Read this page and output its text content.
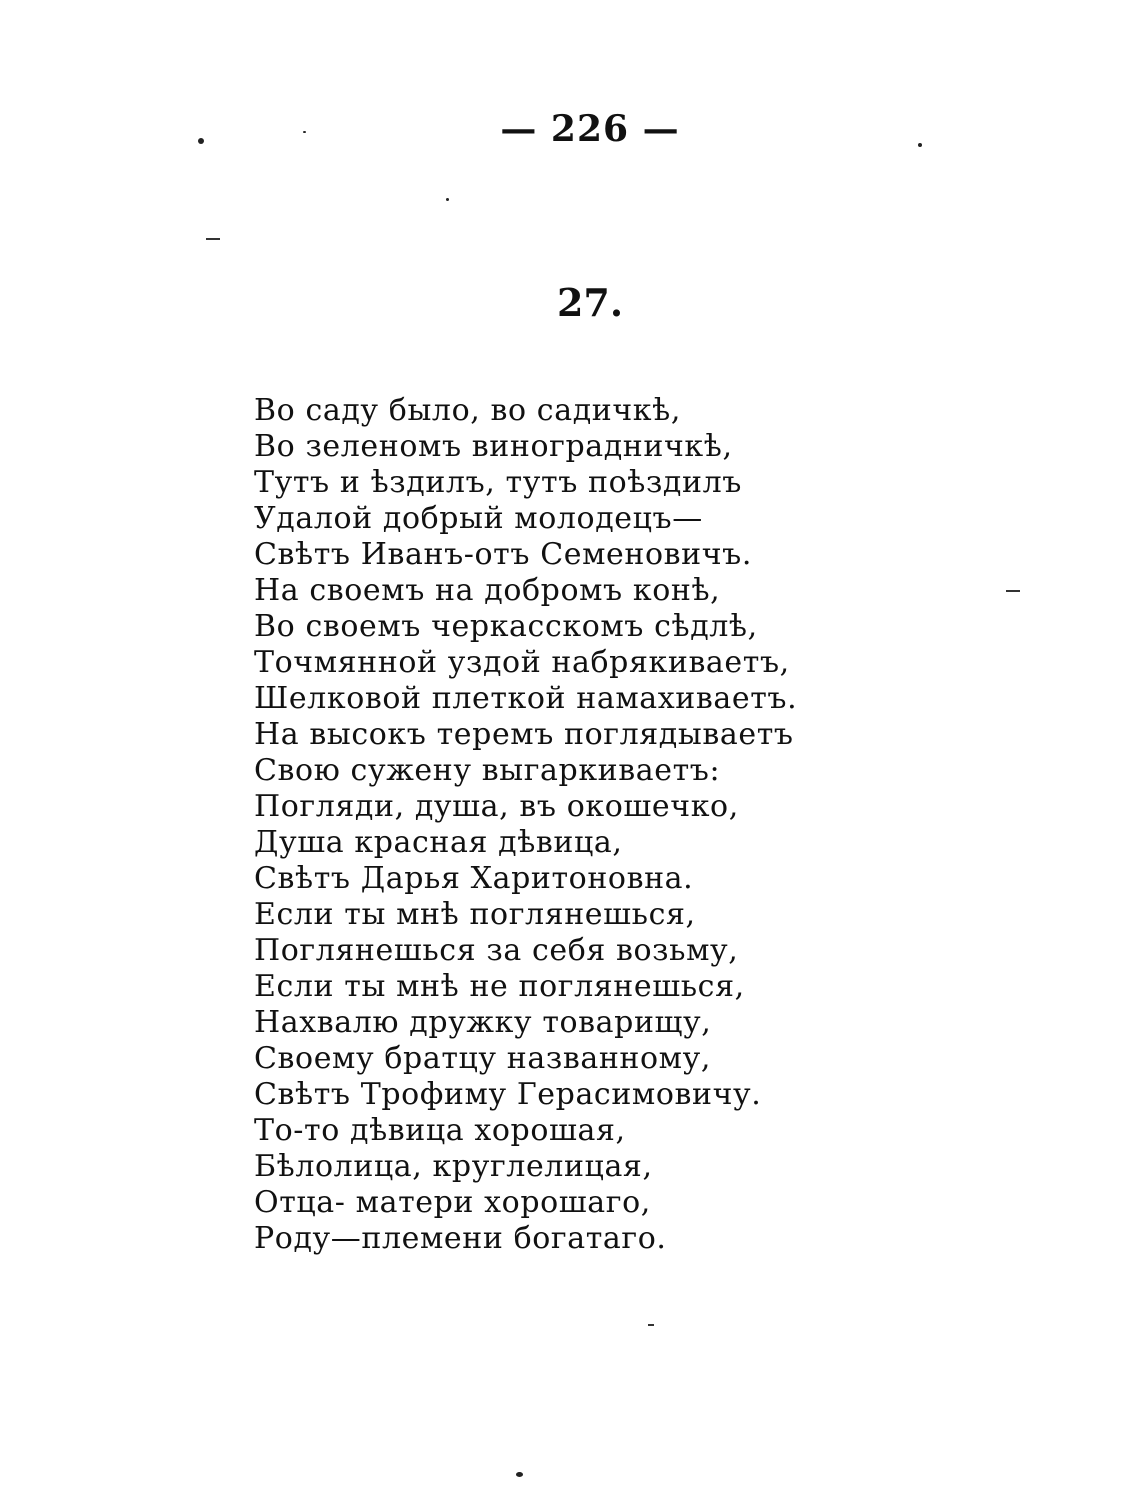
— 226 —
27.
Во саду было, во садичкѣ,
Во зеленомъ виноградничкѣ,
Тутъ и ѣздилъ, тутъ поѣздилъ
Удалой добрый молодецъ—
Свѣтъ Иванъ-отъ Семеновичъ.
На своемъ на добромъ конѣ,
Во своемъ черкасскомъ сѣдлѣ,
Точмянной уздой набрякиваетъ,
Шелковой плеткой намахиваетъ.
На высокъ теремъ поглядываетъ
Свою сужену выгаркиваетъ:
Погляди, душа, въ окошечко,
Душа красная дѣвица,
Свѣтъ Дарья Харитоновна.
Если ты мнѣ поглянешься,
Поглянешься за себя возьму,
Если ты мнѣ не поглянешься,
Нахвалю дружку товарищу,
Своему братцу названному,
Свѣтъ Трофиму Герасимовичу.
То-то дѣвица хорошая,
Бѣлолица, круглелицая,
Отца- матери хорошаго,
Роду—племени богатаго.
